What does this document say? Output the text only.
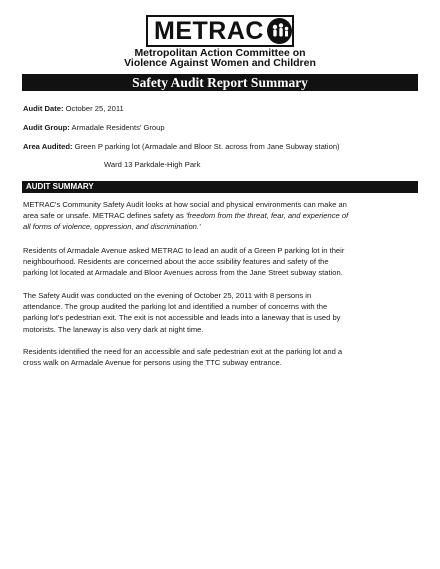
METRAC
Metropolitan Action Committee on
Violence Against Women and Children
Safety Audit Report Summary
Audit Date: October 25, 2011
Audit Group: Armadale Residents' Group
Area Audited: Green P parking lot (Armadale and Bloor St. across from Jane Subway station)
Ward 13 Parkdale-High Park
AUDIT SUMMARY
METRAC's Community Safety Audit looks at how social and physical environments can make an
area safe or unsafe. METRAC defines safety as 'freedom from the threat, fear, and experience of
all forms of violence, oppression, and discrimination.'
Residents of Armadale Avenue asked METRAC to lead an audit of a Green P parking lot in their
neighbourhood. Residents are concerned about the acce ssibility features and safety of the
parking lot located at Armadale and Bloor Avenues across from the Jane Street subway station.
The Safety Audit was conducted on the evening of October 25, 2011 with 8 persons in
attendance. The group audited the parking lot and identified a number of concerns with the
parking lot's pedestrian exit. The exit is not accessible and leads into a laneway that is used by
motorists. The laneway is also very dark at night time.
Residents identified the need for an accessible and safe pedestrian exit at the parking lot and a
cross walk on Armadale Avenue for persons using the TTC subway entrance.
